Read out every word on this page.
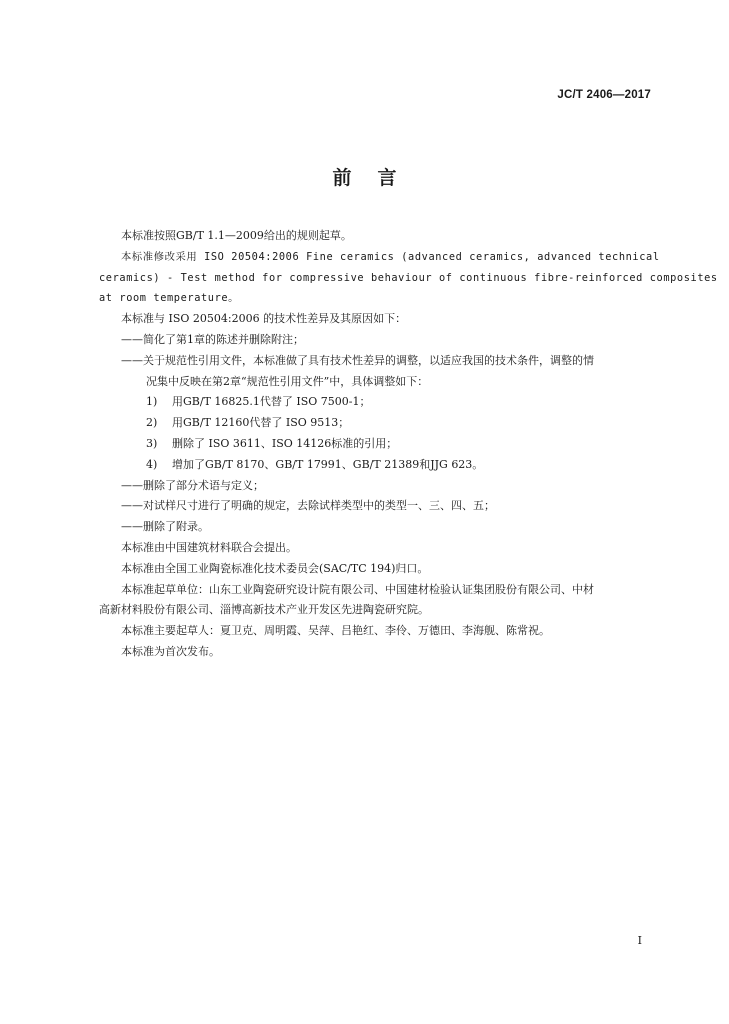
JC/T 2406—2017
前言
本标准按照GB/T 1.1—2009给出的规则起草。
本标准修改采用 ISO 20504:2006 Fine ceramics (advanced ceramics, advanced technical
ceramics) - Test method for compressive behaviour of continuous fibre-reinforced composites
at room temperature。
本标准与 ISO 20504:2006 的技术性差异及其原因如下：
——简化了第1章的陈述并删除附注；
——关于规范性引用文件，本标准做了具有技术性差异的调整，以适应我国的技术条件，调整的情
况集中反映在第2章“规范性引用文件”中，具体调整如下：
1)	用GB/T 16825.1代替了 ISO 7500-1；
2)	用GB/T 12160代替了 ISO 9513；
3)	删除了 ISO 3611、ISO 14126标准的引用；
4)	增加了GB/T 8170、GB/T 17991、GB/T 21389和JJG 623。
——删除了部分术语与定义；
——对试样尺寸进行了明确的规定，去除试样类型中的类型一、三、四、五；
——删除了附录。
本标准由中国建筑材料联合会提出。
本标准由全国工业陶瓷标准化技术委员会(SAC/TC 194)归口。
本标准起草单位：山东工业陶瓷研究设计院有限公司、中国建材检验认证集团股份有限公司、中材
高新材料股份有限公司、淄博高新技术产业开发区先进陶瓷研究院。
本标准主要起草人：夏卫克、周明霞、吴萍、吕艳红、李伶、万德田、李海舰、陈常祝。
本标准为首次发布。
I
